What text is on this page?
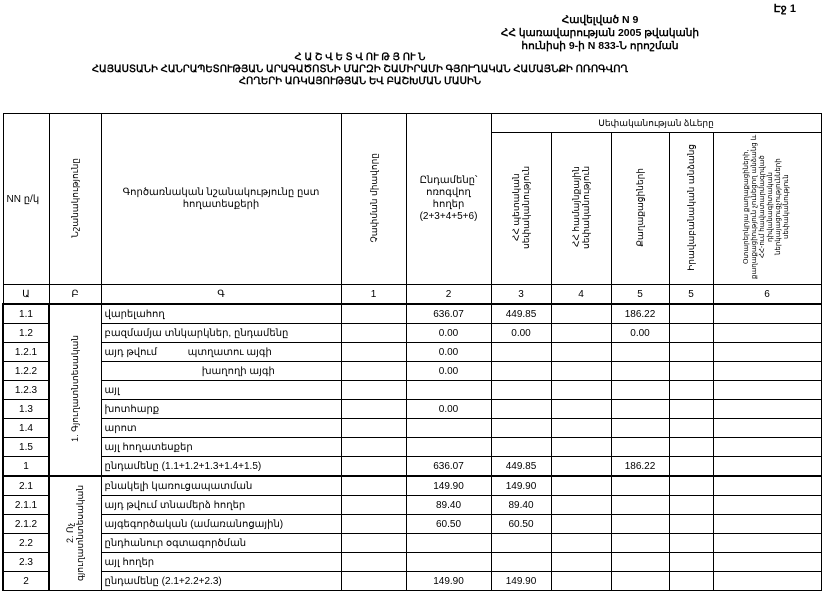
Էջ 1
Հավելված N 9
ՀՀ կառավարության 2005 թվականի
հունիսի 9-ի N 833-Ն որոշման
Հ Ա Շ Վ Ե Տ Վ ՈՒ Թ Յ ՈՒ Ն
ՀԱՅԱՍՏԱՆԻ ՀԱՆՐԱՊԵՏՈՒԹՅԱՆ ԱՐԱԳԱԾՈՏՆԻ ՄԱՐԶԻ ՇԱՄԻՐԱՄԻ ԳՅՈՒՂԱԿԱՆ ՀԱՄԱՅՆՔԻ ՈՌՈԳՎՈՂ
ՀՈՂԵՐԻ ԱՌԿԱՅՈՒԹՅԱՆ ԵՎ ԲԱՇԽՄԱՆ ՄԱՍԻՆ
NN ը/կ	Նշանակությունը	Գործառնական նշանակությունը ըստ հողատեսքերի	Չափման միավորը	Ընդամենը՝ ոռոգվող հողեր (2+3+4+5+6)	Սեփականության ձևերը				
					ՀՀ պետական սեփականություն	ՀՀ համայնքային սեփականություն	Քաղաքացիների	Իրավաբանական անձանց	Օտարերկրյա քաղաքացիների, քաղաքացիություն չունեցող անձանց և ՀՀ-ում հավատարմագրված դիվանագիտական ներկայացուցչությունների սեփականություն
Ա	Բ	Գ	1	2	3	4	5	5	6
1.1	1. Գյուղատնտեսական	վարելահող		636.07	449.85		186.22		
1.2		բազմամյա տնկարկներ, ընդամենը		0.00	0.00		0.00		
1.2.1		այդ թվում           պտղատու այգի		0.00					
1.2.2		խաղողի այգի		0.00					
1.2.3		այլ							
1.3		խոտհարք		0.00					
1.4		արոտ							
1.5		այլ հողատեսքեր							
1		ընդամենը (1.1+1.2+1.3+1.4+1.5)		636.07	449.85		186.22		
2.1	2. Ոչ գյուղատնտեսական	բնակելի կառուցապատման		149.90	149.90				
2.1.1		այդ թվում տնամերձ հողեր		89.40	89.40				
2.1.2		այգեգործական (ամառանոցային)		60.50	60.50				
2.2		ընդհանուր օգտագործման							
2.3		այլ հողեր							
2		ընդամենը (2.1+2.2+2.3)		149.90	149.90				
